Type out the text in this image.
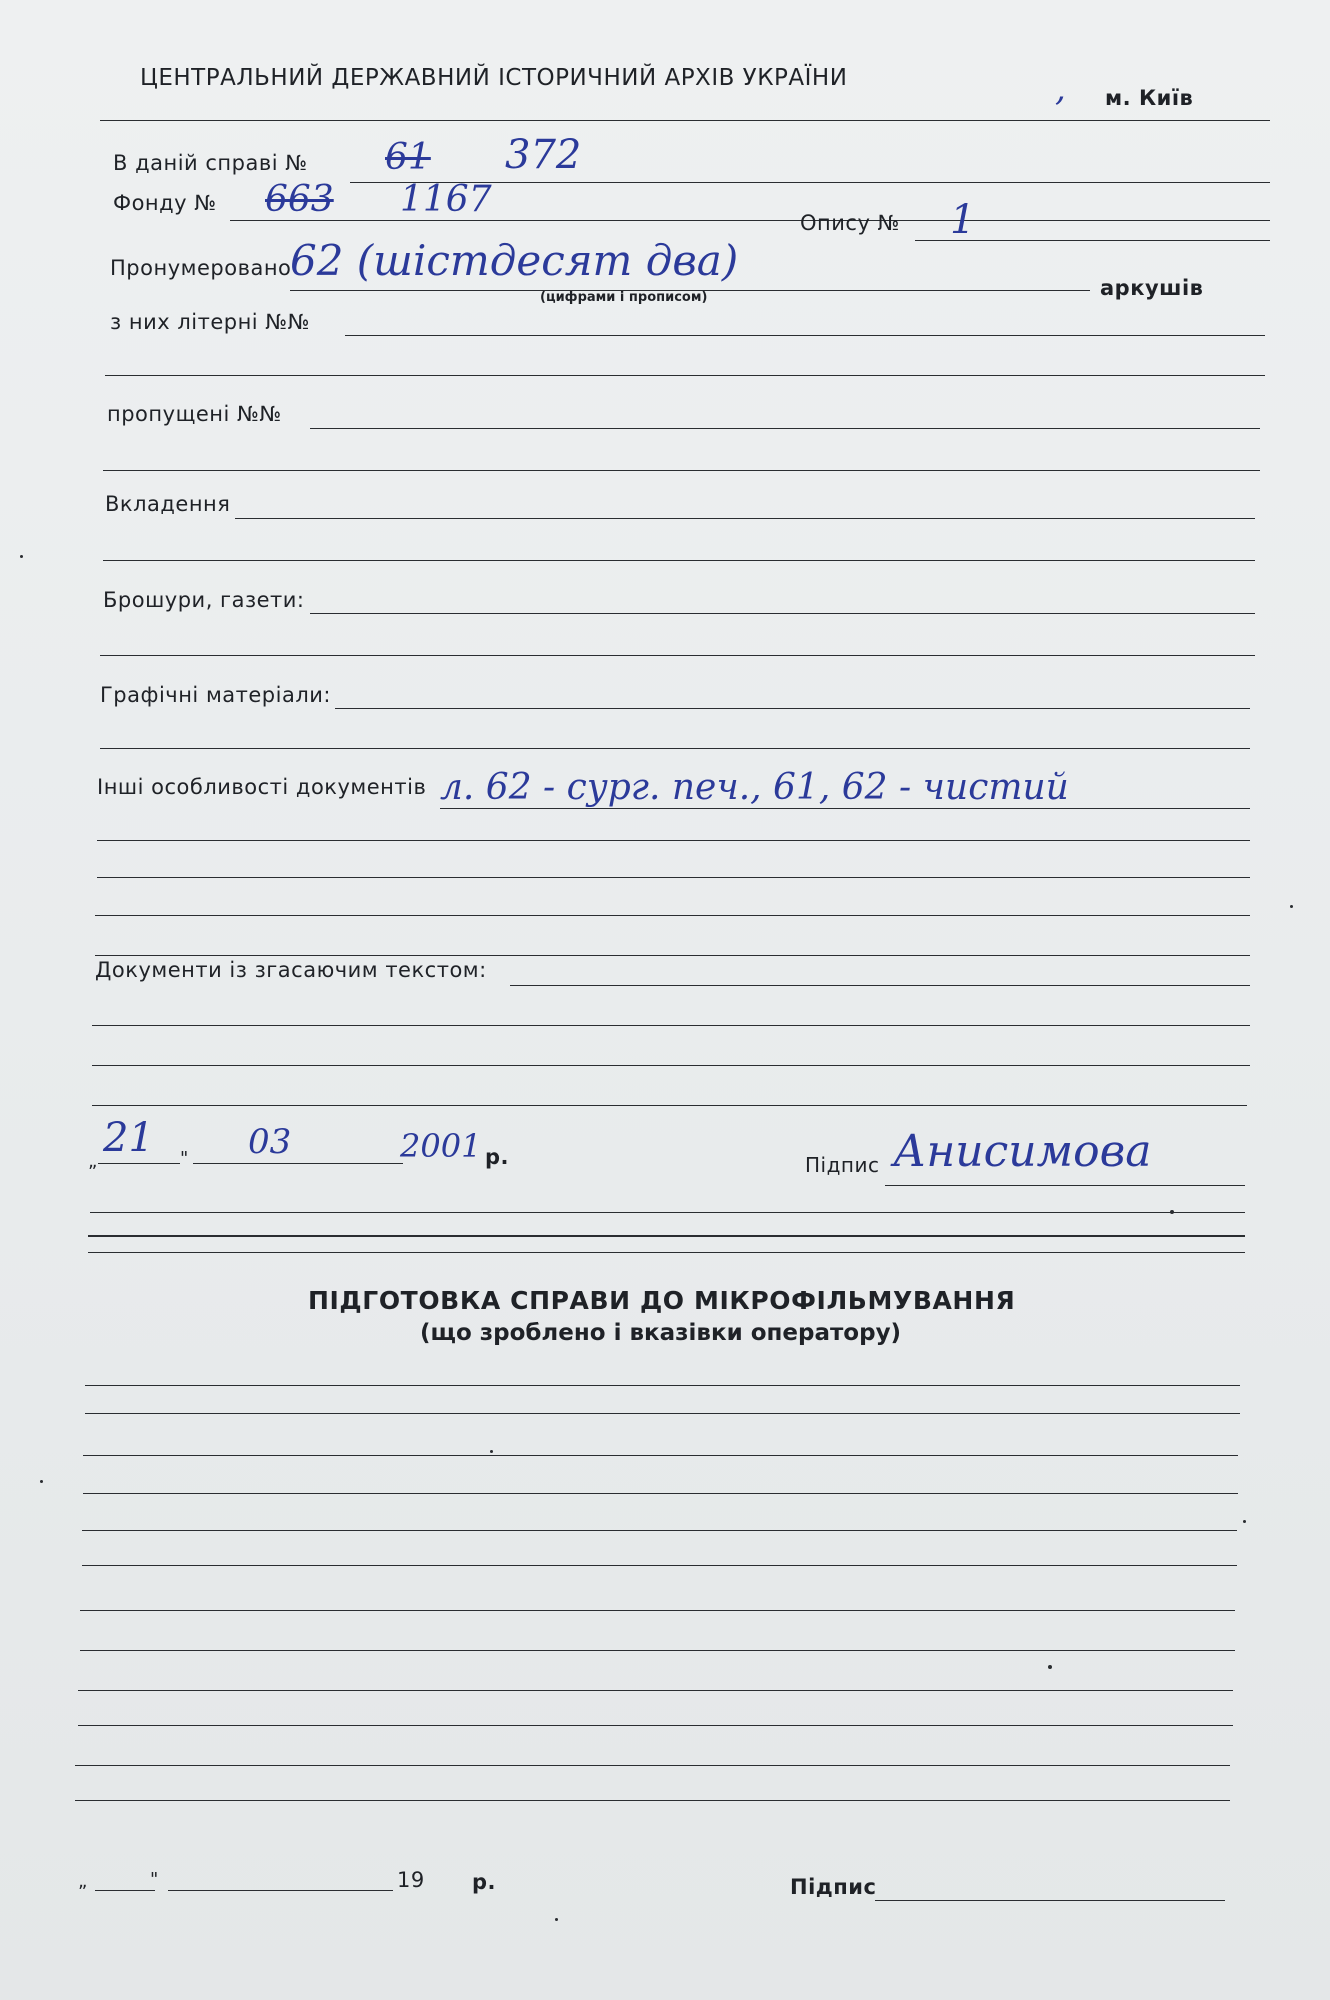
ЦЕНТРАЛЬНИЙ ДЕРЖАВНИЙ ІСТОРИЧНИЙ АРХІВ УКРАЇНИ	, м. Київ
В даній справі № 61 372
Фонду № 663 1167
Опису № 1
Пронумеровано
62 (шістдесят два)
(цифрами і прописом)	аркушів
з них літерні №№
пропущені №№
Вкладення
Брошури, газети:
Графічні матеріали:
Інші особливості документів л. 62 - сург. печ., 61, 62 - чистий
Документи із згасаючим текстом:
„
21 " 03	2001 р.	Підпис Анисимова
ПІДГОТОВКА СПРАВИ ДО МІКРОФІЛЬМУВАННЯ
(що зроблено і вказівки оператору)
„	"	19 р.	Підпис
